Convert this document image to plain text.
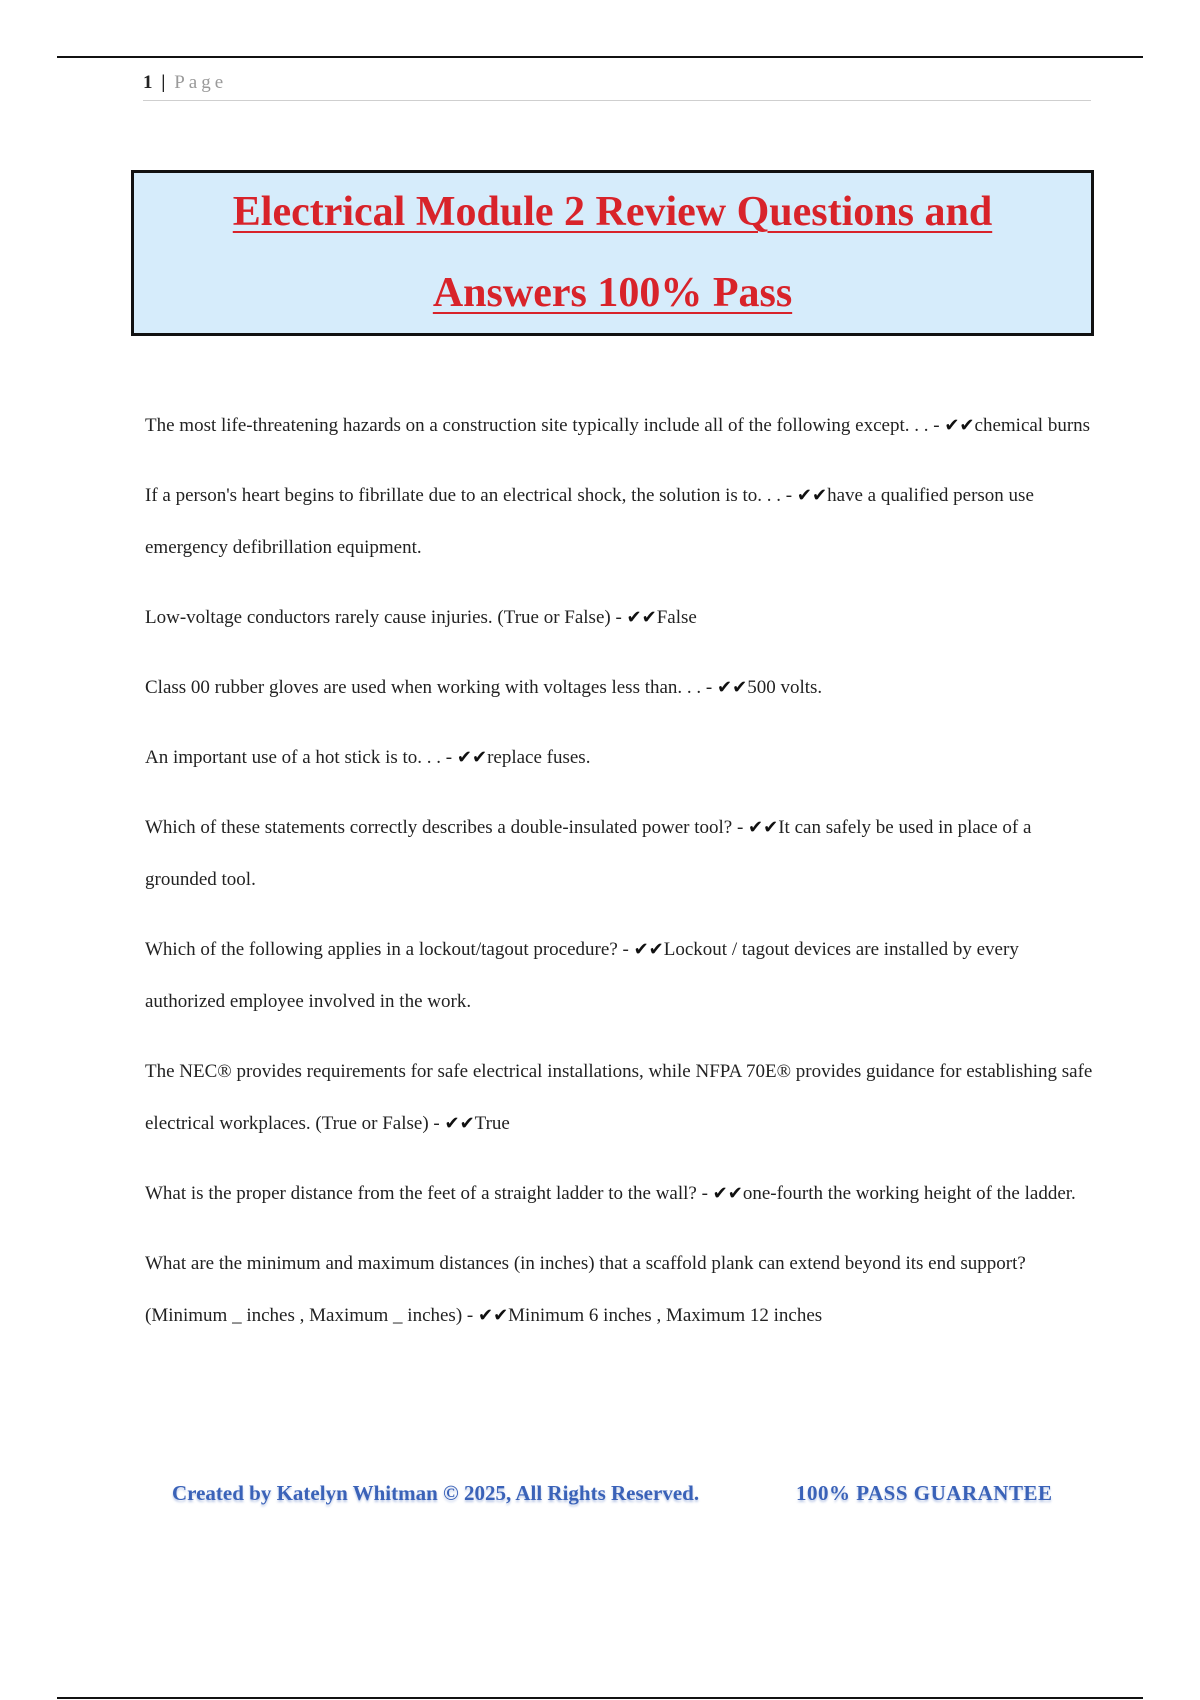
1 | Page
Electrical Module 2 Review Questions and Answers 100% Pass

The most life-threatening hazards on a construction site typically include all of the following except. . . - ✔✔chemical burns

If a person's heart begins to fibrillate due to an electrical shock, the solution is to. . . - ✔✔have a qualified person use emergency defibrillation equipment.

Low-voltage conductors rarely cause injuries. (True or False) - ✔✔False

Class 00 rubber gloves are used when working with voltages less than. . . - ✔✔500 volts.

An important use of a hot stick is to. . . - ✔✔replace fuses.

Which of these statements correctly describes a double-insulated power tool? - ✔✔It can safely be used in place of a grounded tool.

Which of the following applies in a lockout/tagout procedure? - ✔✔Lockout / tagout devices are installed by every authorized employee involved in the work.

The NEC® provides requirements for safe electrical installations, while NFPA 70E® provides guidance for establishing safe electrical workplaces. (True or False) - ✔✔True

What is the proper distance from the feet of a straight ladder to the wall? - ✔✔one-fourth the working height of the ladder.

What are the minimum and maximum distances (in inches) that a scaffold plank can extend beyond its end support? (Minimum _ inches , Maximum _ inches) - ✔✔Minimum 6 inches , Maximum 12 inches

Created by Katelyn Whitman © 2025, All Rights Reserved.	100% PASS GUARANTEE
